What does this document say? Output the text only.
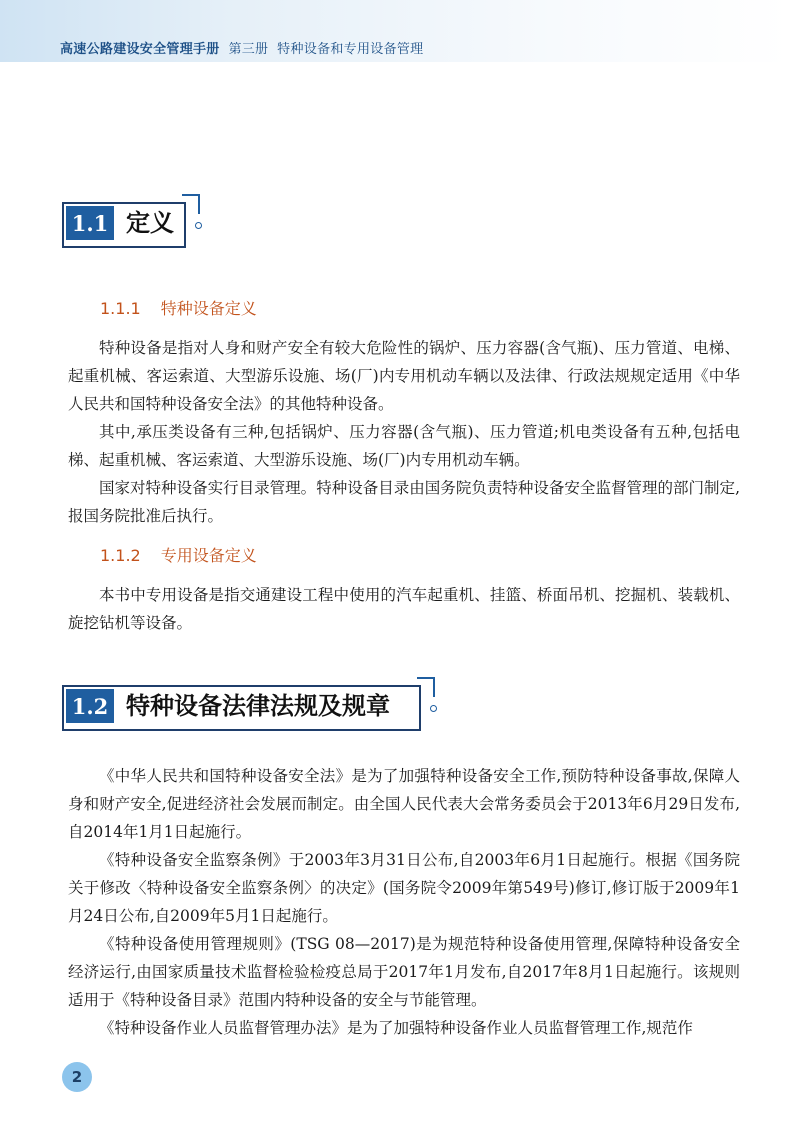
高速公路建设安全管理手册 第三册 特种设备和专用设备管理
1.1 定义
1.1.1 特种设备定义

特种设备是指对人身和财产安全有较大危险性的锅炉、压力容器(含气瓶)、压力管道、电梯、起重机械、客运索道、大型游乐设施、场(厂)内专用机动车辆以及法律、行政法规规定适用《中华人民共和国特种设备安全法》的其他特种设备。

其中,承压类设备有三种,包括锅炉、压力容器(含气瓶)、压力管道;机电类设备有五种,包括电梯、起重机械、客运索道、大型游乐设施、场(厂)内专用机动车辆。

国家对特种设备实行目录管理。特种设备目录由国务院负责特种设备安全监督管理的部门制定,报国务院批准后执行。

1.1.2 专用设备定义

本书中专用设备是指交通建设工程中使用的汽车起重机、挂篮、桥面吊机、挖掘机、装载机、旋挖钻机等设备。

1.2 特种设备法律法规及规章

《中华人民共和国特种设备安全法》是为了加强特种设备安全工作,预防特种设备事故,保障人身和财产安全,促进经济社会发展而制定。由全国人民代表大会常务委员会于2013年6月29日发布,自2014年1月1日起施行。

《特种设备安全监察条例》于2003年3月31日公布,自2003年6月1日起施行。根据《国务院关于修改〈特种设备安全监察条例〉的决定》(国务院令2009年第549号)修订,修订版于2009年1月24日公布,自2009年5月1日起施行。

《特种设备使用管理规则》(TSG 08—2017)是为规范特种设备使用管理,保障特种设备安全经济运行,由国家质量技术监督检验检疫总局于2017年1月发布,自2017年8月1日起施行。该规则适用于《特种设备目录》范围内特种设备的安全与节能管理。

《特种设备作业人员监督管理办法》是为了加强特种设备作业人员监督管理工作,规范作

2
